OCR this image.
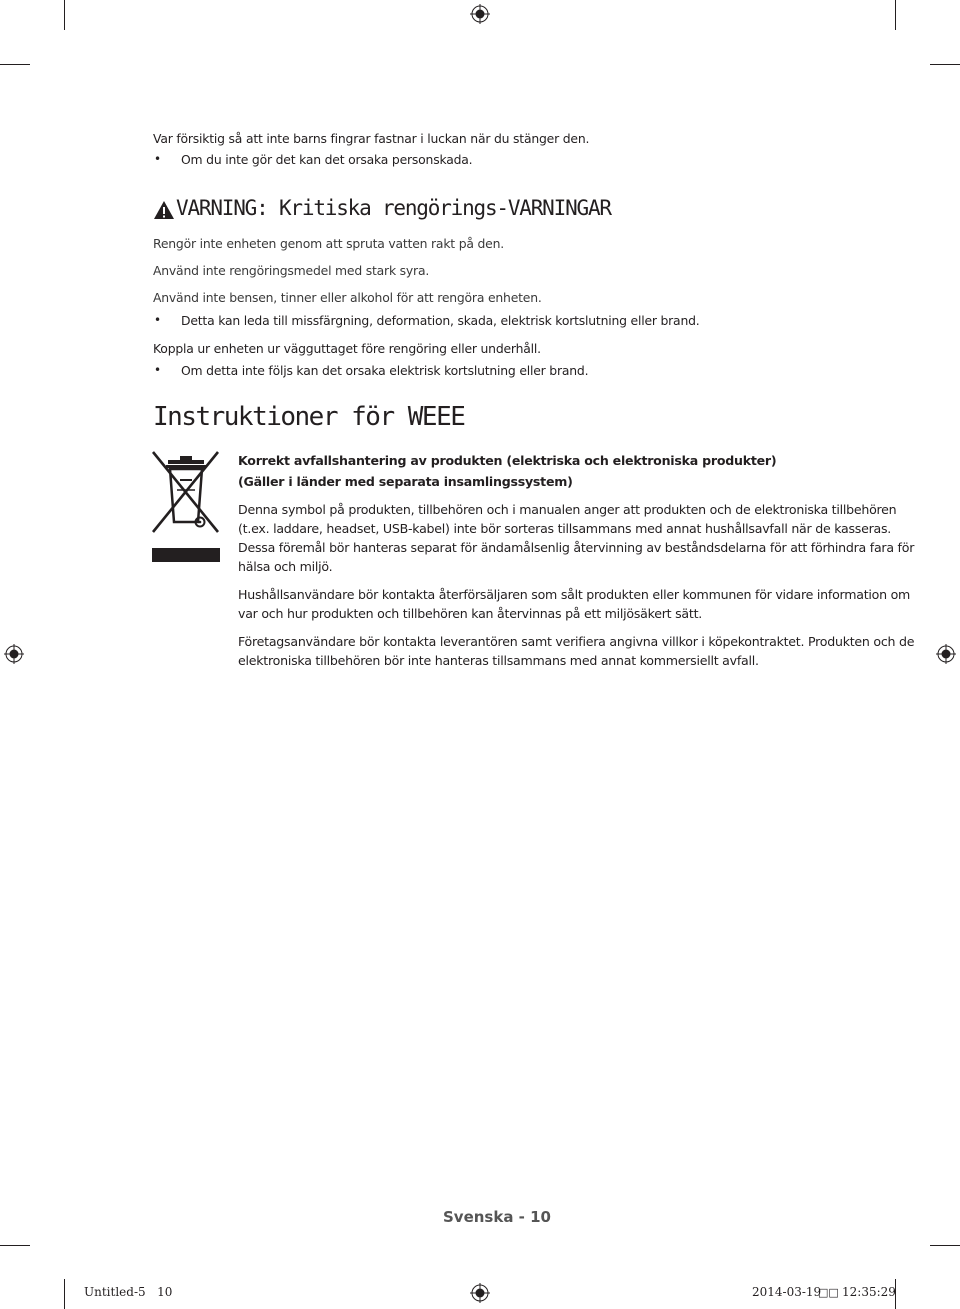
Var försiktig så att inte barns fingrar fastnar i luckan när du stänger den.
• Om du inte gör det kan det orsaka personskada.
VARNING: Kritiska rengörings-VARNINGAR
Rengör inte enheten genom att spruta vatten rakt på den.
Använd inte rengöringsmedel med stark syra.
Använd inte bensen, tinner eller alkohol för att rengöra enheten.
• Detta kan leda till missfärgning, deformation, skada, elektrisk kortslutning eller brand.
Koppla ur enheten ur vägguttaget före rengöring eller underhåll.
• Om detta inte följs kan det orsaka elektrisk kortslutning eller brand.
Instruktioner för WEEE
Korrekt avfallshantering av produkten (elektriska och elektroniska produkter)
(Gäller i länder med separata insamlingssystem)
Denna symbol på produkten, tillbehören och i manualen anger att produkten och de elektroniska tillbehören
(t.ex. laddare, headset, USB-kabel) inte bör sorteras tillsammans med annat hushållsavfall när de kasseras.
Dessa föremål bör hanteras separat för ändamålsenlig återvinning av beståndsdelarna för att förhindra fara för
hälsa och miljö.
Hushållsanvändare bör kontakta återförsäljaren som sålt produkten eller kommunen för vidare information om
var och hur produkten och tillbehören kan återvinnas på ett miljösäkert sätt.
Företagsanvändare bör kontakta leverantören samt verifiera angivna villkor i köpekontraktet. Produkten och de
elektroniska tillbehören bör inte hanteras tillsammans med annat kommersiellt avfall.
Svenska - 10
Untitled-5   10	2014-03-19
□□ 12:35:29
